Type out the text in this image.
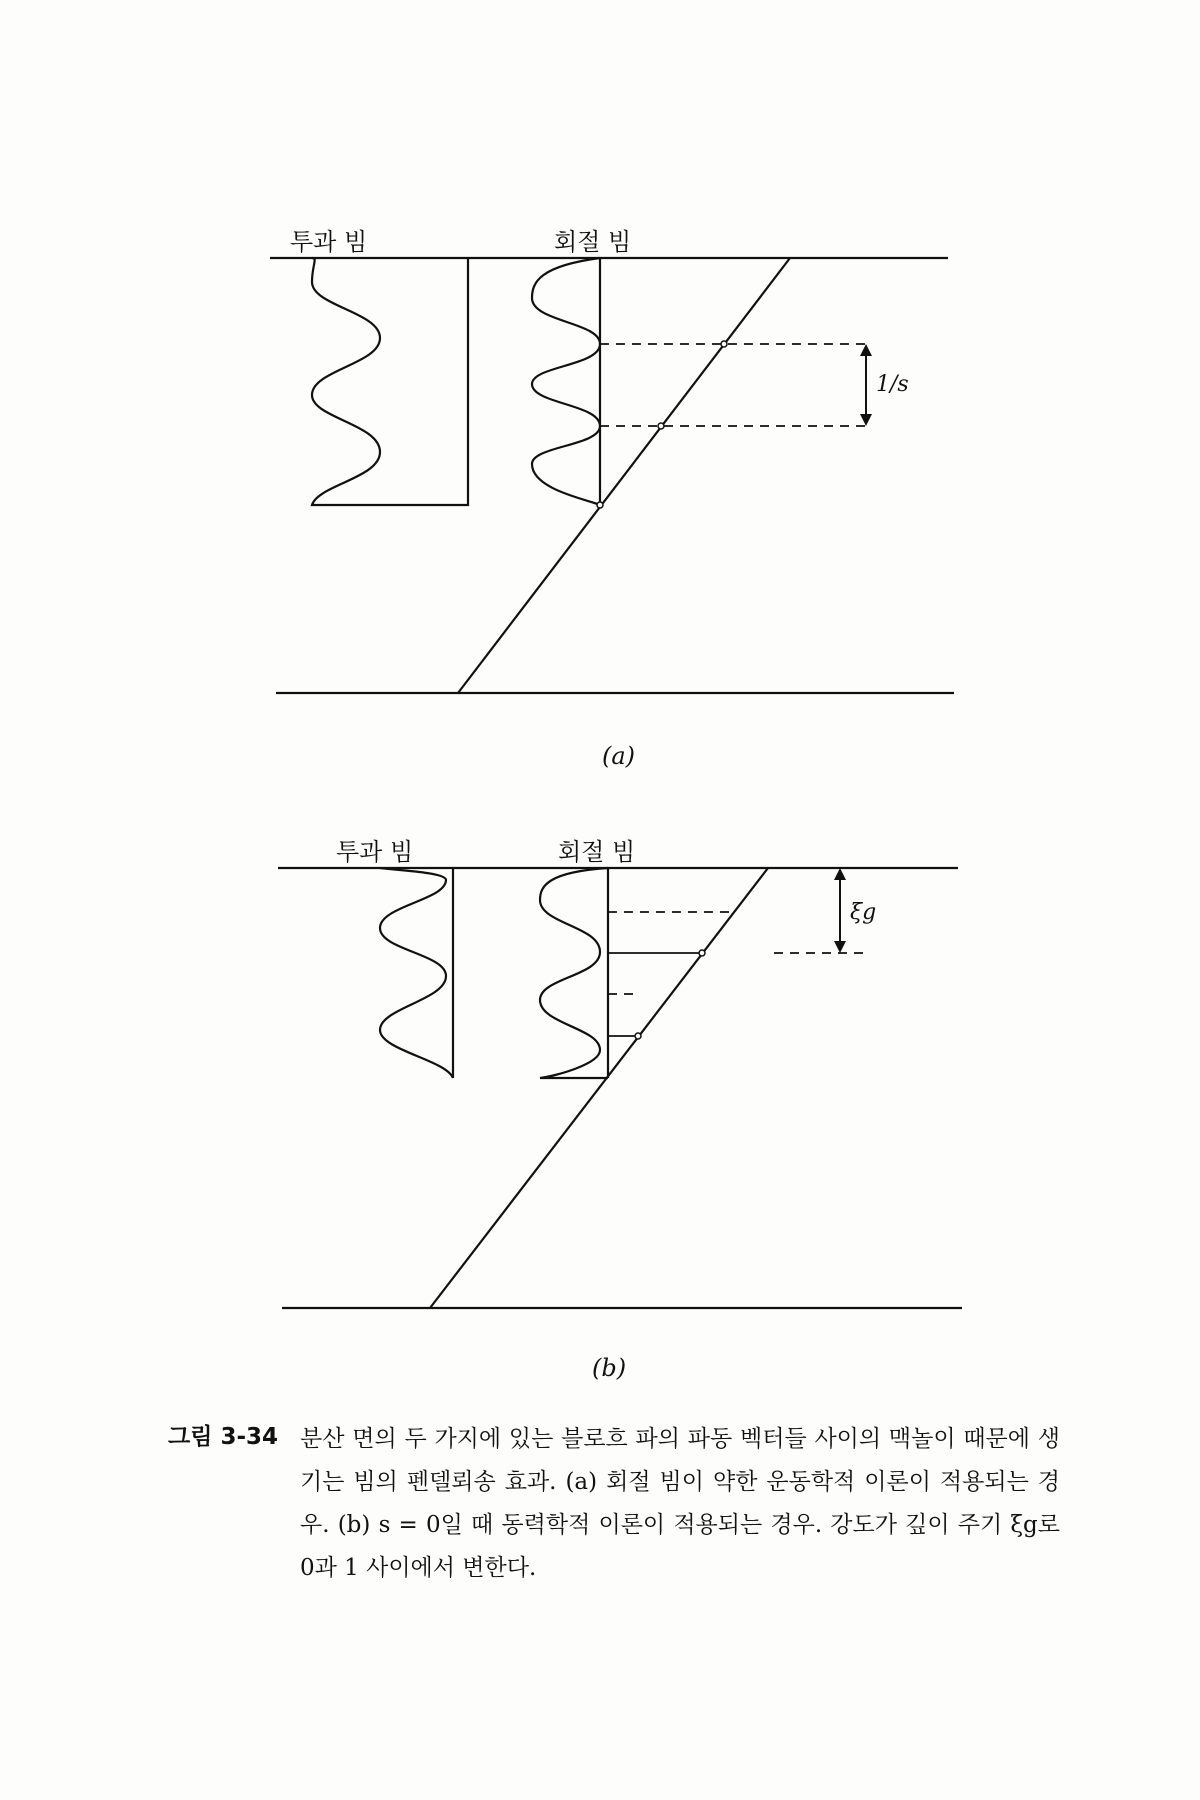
투과 빔	회절 빔
1/s
(a)
투과 빔	회절 빔
ξg
(b)
그림 3-34 분산 면의 두 가지에 있는 블로흐 파의 파동 벡터들 사이의 맥놀이 때문에 생기는 빔의 펜델뢰송 효과. (a) 회절 빔이 약한 운동학적 이론이 적용되는 경우. (b) s = 0일 때 동력학적 이론이 적용되는 경우. 강도가 깊이 주기 ξg로 0과 1 사이에서 변한다.
